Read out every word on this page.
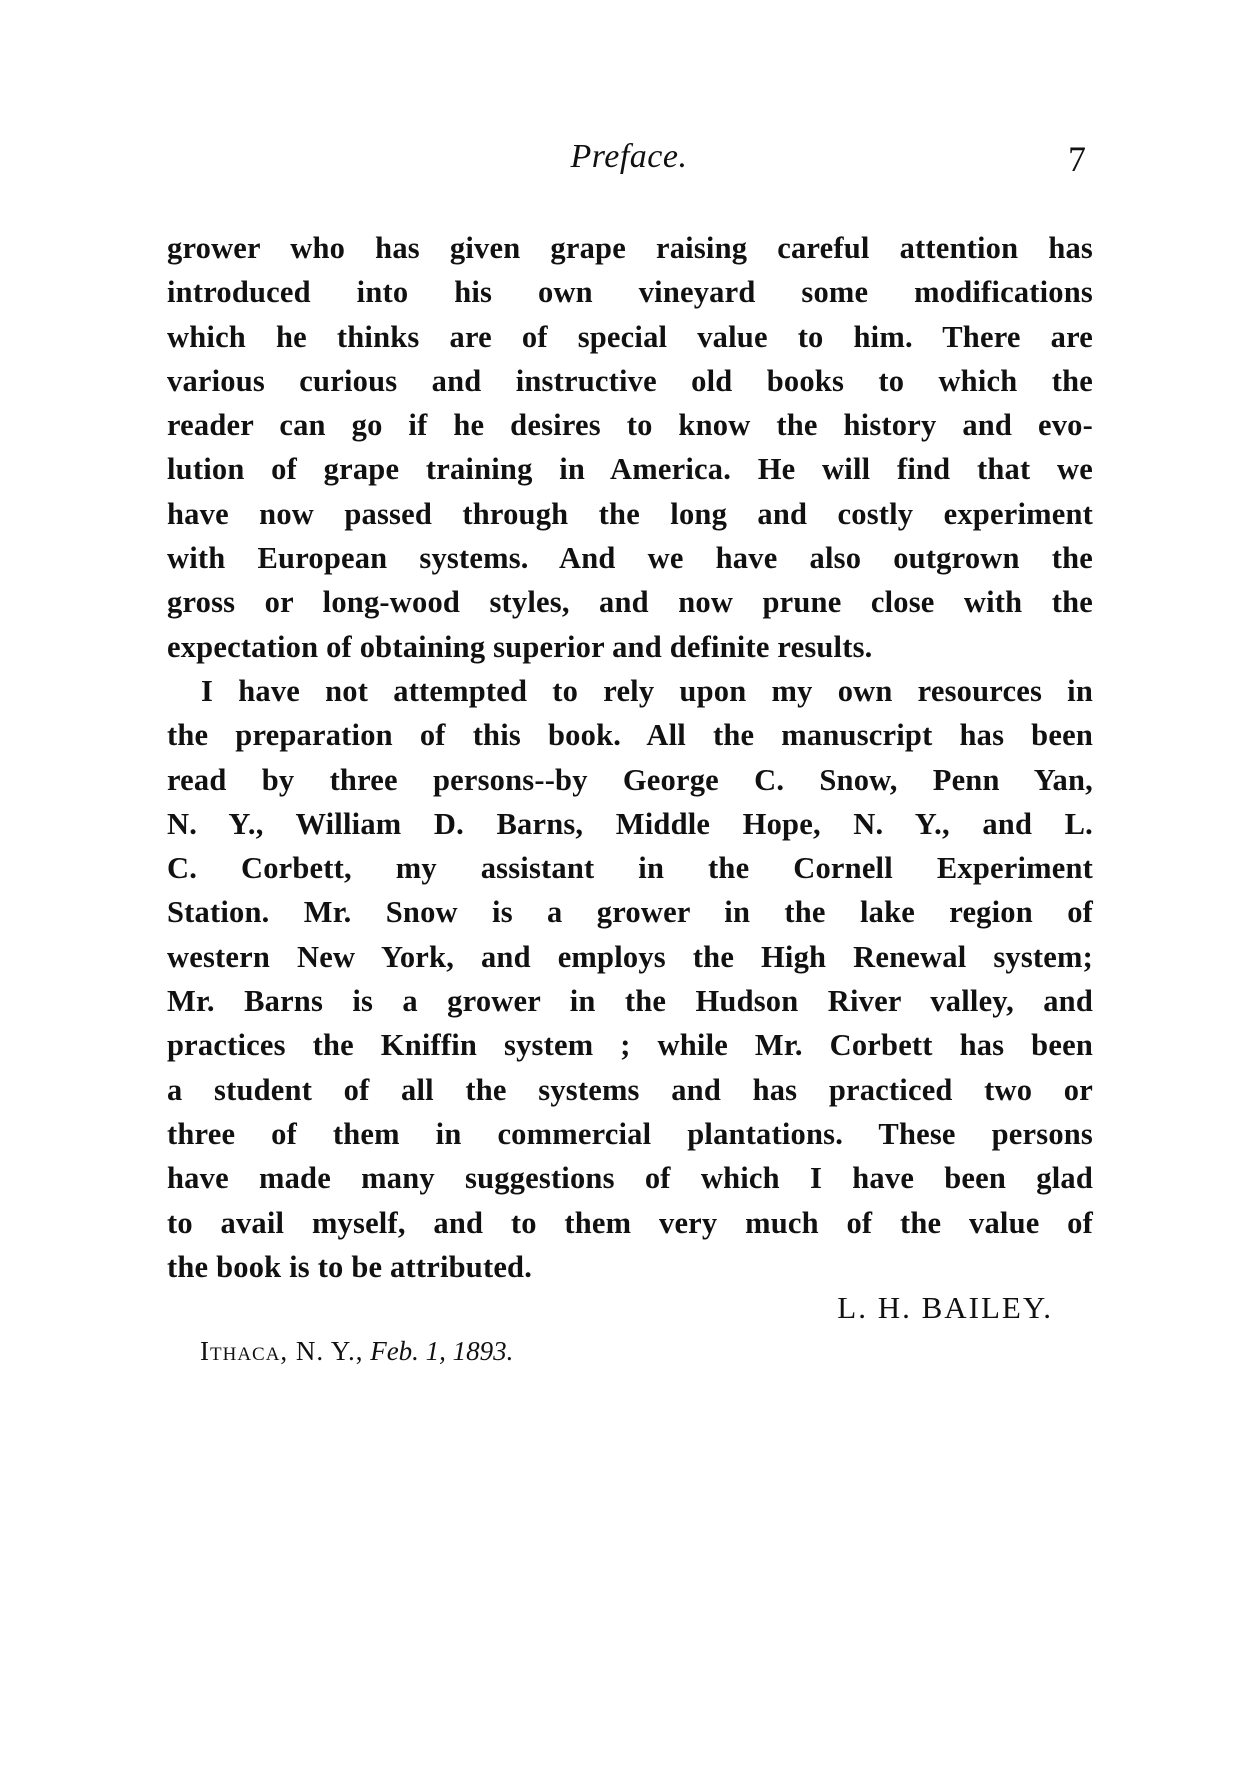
Preface.	7
grower who has given grape raising careful attention has
introduced into his own vineyard some modifications
which he thinks are of special value to him. There are
various curious and instructive old books to which the
reader can go if he desires to know the history and evo-
lution of grape training in America. He will find that we
have now passed through the long and costly experiment
with European systems. And we have also outgrown the
gross or long-wood styles, and now prune close with the
expectation of obtaining superior and definite results.
I have not attempted to rely upon my own resources in
the preparation of this book. All the manuscript has been
read by three persons--by George C. Snow, Penn Yan,
N. Y., William D. Barns, Middle Hope, N. Y., and L.
C. Corbett, my assistant in the Cornell Experiment
Station. Mr. Snow is a grower in the lake region of
western New York, and employs the High Renewal system;
Mr. Barns is a grower in the Hudson River valley, and
practices the Kniffin system ; while Mr. Corbett has been
a student of all the systems and has practiced two or
three of them in commercial plantations. These persons
have made many suggestions of which I have been glad
to avail myself, and to them very much of the value of
the book is to be attributed.
L. H. BAILEY.
Ithaca, N. Y., Feb. 1, 1893.
